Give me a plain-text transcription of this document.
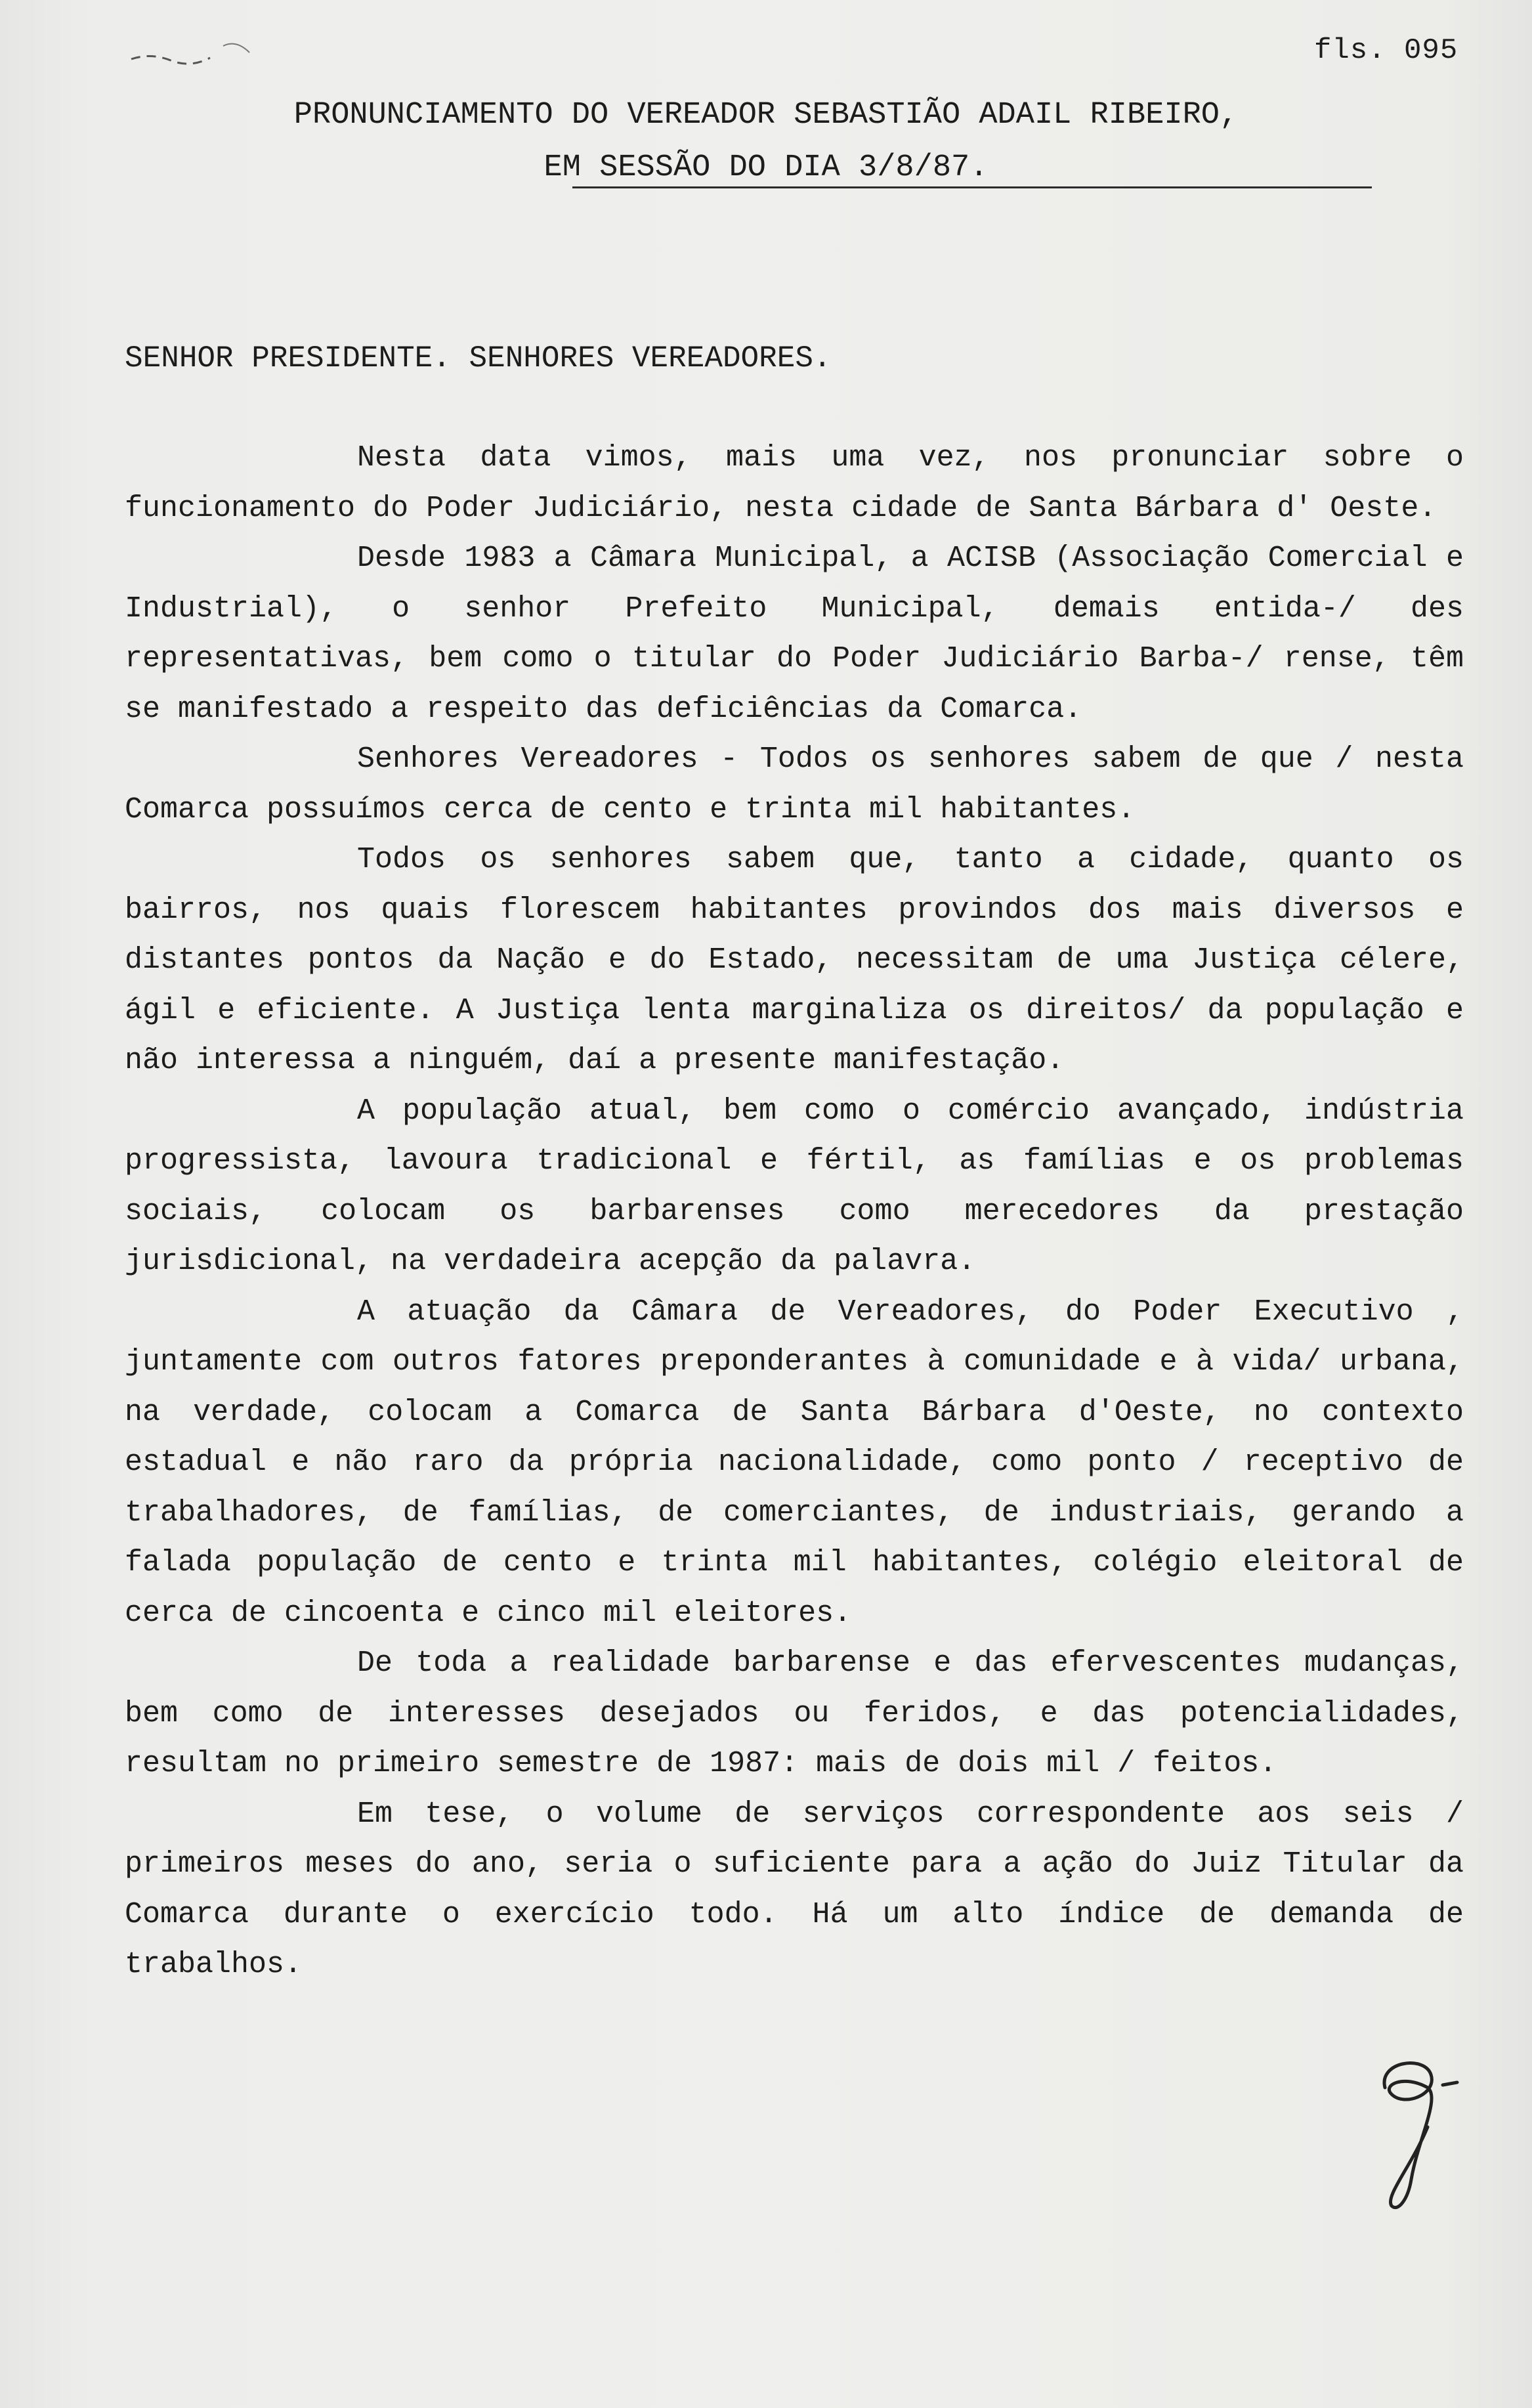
fls. 095
PRONUNCIAMENTO DO VEREADOR SEBASTIÃO ADAIL RIBEIRO,
EM SESSÃO DO DIA 3/8/87.
SENHOR PRESIDENTE. SENHORES VEREADORES.

Nesta data vimos, mais uma vez, nos pronunciar sobre o funcionamento do Poder Judiciário, nesta cidade de Santa Bárbara d' Oeste.

Desde 1983 a Câmara Municipal, a ACISB (Associação Comercial e Industrial), o senhor Prefeito Municipal, demais entida-/ des representativas, bem como o titular do Poder Judiciário Barba-/ rense, têm se manifestado a respeito das deficiências da Comarca.

Senhores Vereadores - Todos os senhores sabem de que / nesta Comarca possuímos cerca de cento e trinta mil habitantes.

Todos os senhores sabem que, tanto a cidade, quanto os bairros, nos quais florescem habitantes provindos dos mais diversos e distantes pontos da Nação e do Estado, necessitam de uma Justiça célere, ágil e eficiente. A Justiça lenta marginaliza os direitos/ da população e não interessa a ninguém, daí a presente manifestação.

A população atual, bem como o comércio avançado, indústria progressista, lavoura tradicional e fértil, as famílias e os problemas sociais, colocam os barbarenses como merecedores da prestação jurisdicional, na verdadeira acepção da palavra.

A atuação da Câmara de Vereadores, do Poder Executivo , juntamente com outros fatores preponderantes à comunidade e à vida/ urbana, na verdade, colocam a Comarca de Santa Bárbara d'Oeste, no contexto estadual e não raro da própria nacionalidade, como ponto / receptivo de trabalhadores, de famílias, de comerciantes, de industriais, gerando a falada população de cento e trinta mil habitantes, colégio eleitoral de cerca de cincoenta e cinco mil eleitores.

De toda a realidade barbarense e das efervescentes mudanças, bem como de interesses desejados ou feridos, e das potencialidades, resultam no primeiro semestre de 1987: mais de dois mil / feitos.

Em tese, o volume de serviços correspondente aos seis / primeiros meses do ano, seria o suficiente para a ação do Juiz Titular da Comarca durante o exercício todo. Há um alto índice de demanda de trabalhos.
